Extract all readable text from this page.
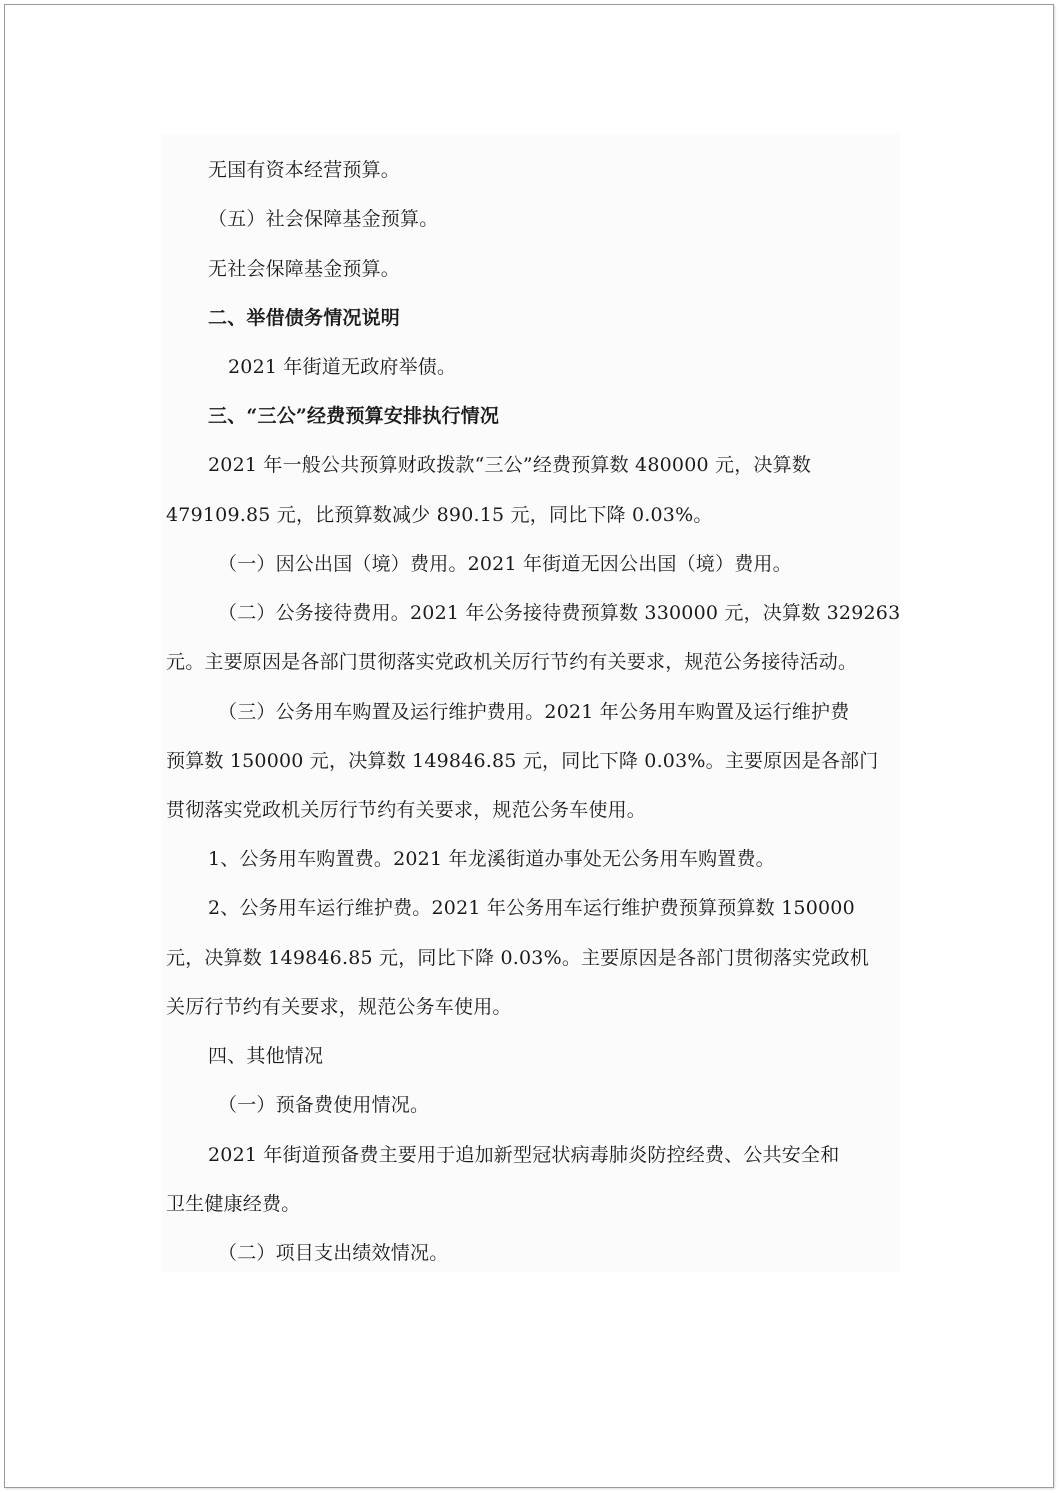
无国有资本经营预算。
（五）社会保障基金预算。
无社会保障基金预算。
二、举借债务情况说明
2021 年街道无政府举债。
三、“三公”经费预算安排执行情况
2021 年一般公共预算财政拨款“三公”经费预算数 480000 元，决算数
479109.85 元，比预算数减少 890.15 元，同比下降 0.03%。
（一）因公出国（境）费用。2021 年街道无因公出国（境）费用。
（二）公务接待费用。2021 年公务接待费预算数 330000 元，决算数 329263
元。主要原因是各部门贯彻落实党政机关厉行节约有关要求，规范公务接待活动。
（三）公务用车购置及运行维护费用。2021 年公务用车购置及运行维护费
预算数 150000 元，决算数 149846.85 元，同比下降 0.03%。主要原因是各部门
贯彻落实党政机关厉行节约有关要求，规范公务车使用。
1、公务用车购置费。2021 年龙溪街道办事处无公务用车购置费。
2、公务用车运行维护费。2021 年公务用车运行维护费预算预算数 150000
元，决算数 149846.85 元，同比下降 0.03%。主要原因是各部门贯彻落实党政机
关厉行节约有关要求，规范公务车使用。
四、其他情况
（一）预备费使用情况。
2021 年街道预备费主要用于追加新型冠状病毒肺炎防控经费、公共安全和
卫生健康经费。
（二）项目支出绩效情况。
